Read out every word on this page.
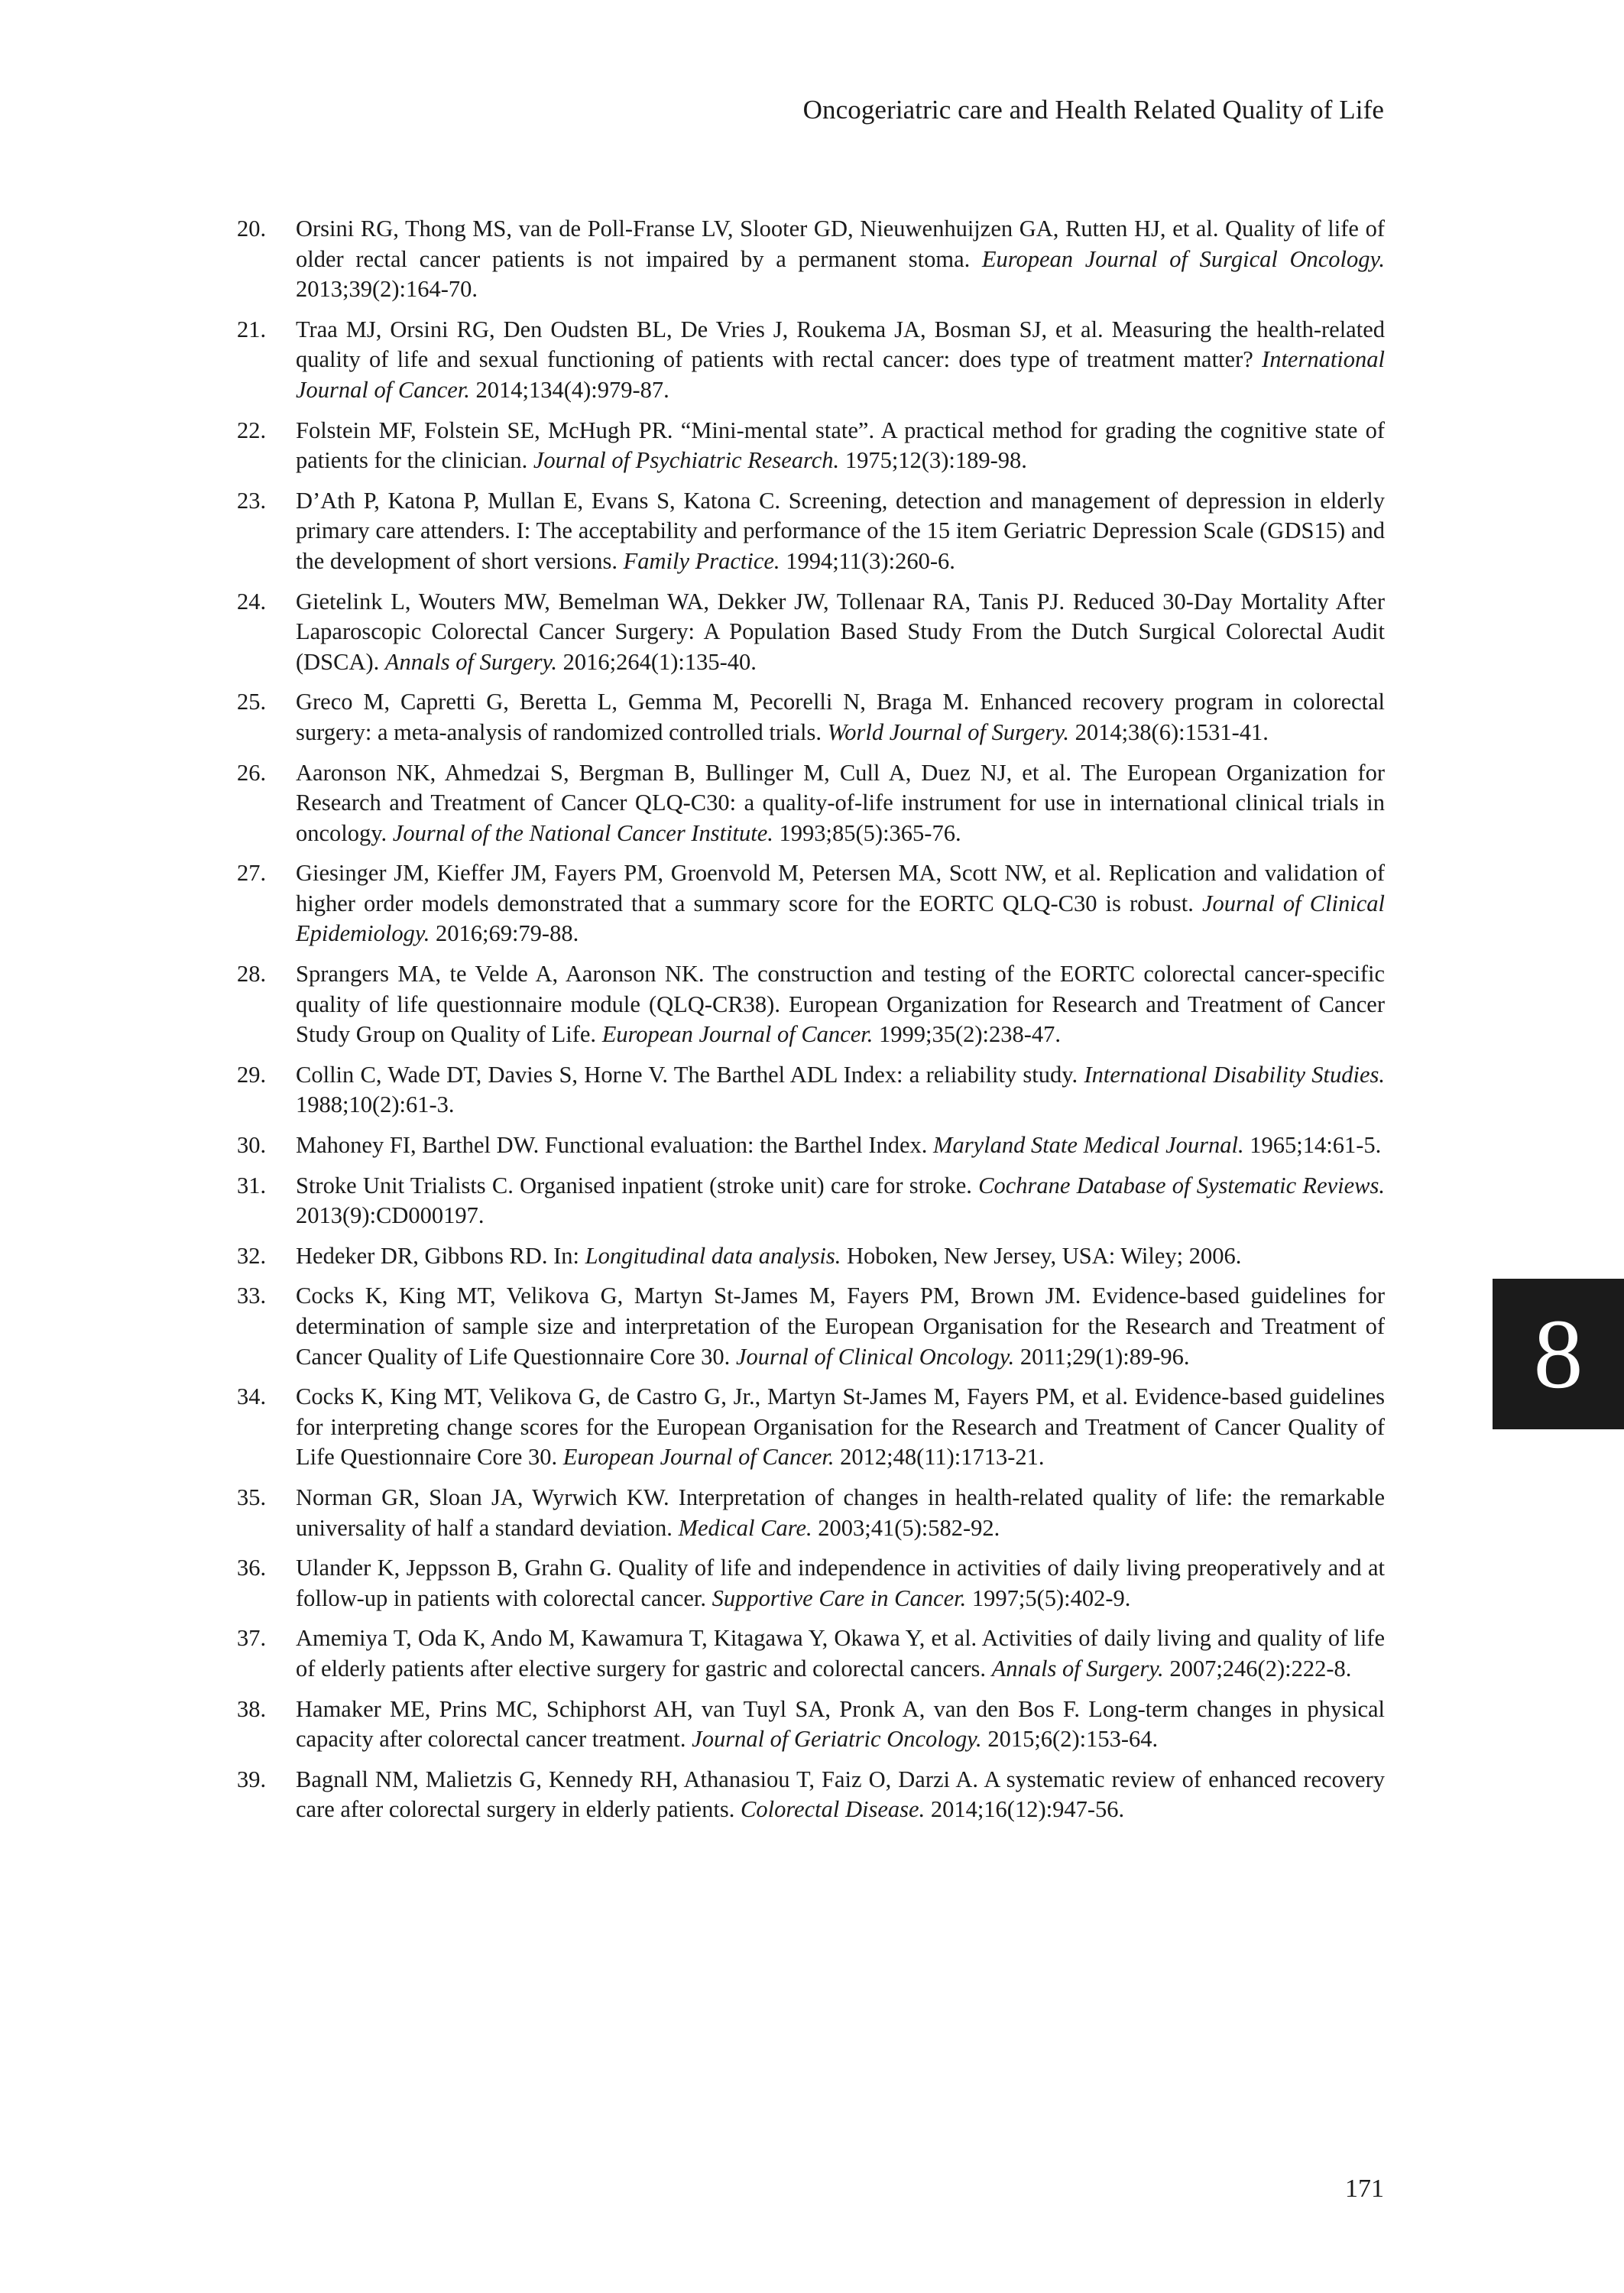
Oncogeriatric care and Health Related Quality of Life
20.	Orsini RG, Thong MS, van de Poll-Franse LV, Slooter GD, Nieuwenhuijzen GA, Rutten HJ, et al. Quality of life of older rectal cancer patients is not impaired by a permanent stoma. European Journal of Surgical Oncology. 2013;39(2):164-70.
21.	Traa MJ, Orsini RG, Den Oudsten BL, De Vries J, Roukema JA, Bosman SJ, et al. Measuring the health-related quality of life and sexual functioning of patients with rectal cancer: does type of treatment matter? International Journal of Cancer. 2014;134(4):979-87.
22.	Folstein MF, Folstein SE, McHugh PR. “Mini-mental state”. A practical method for grading the cognitive state of patients for the clinician. Journal of Psychiatric Research. 1975;12(3):189-98.
23.	D’Ath P, Katona P, Mullan E, Evans S, Katona C. Screening, detection and management of depression in elderly primary care attenders. I: The acceptability and performance of the 15 item Geriatric Depression Scale (GDS15) and the development of short versions. Family Practice. 1994;11(3):260-6.
24.	Gietelink L, Wouters MW, Bemelman WA, Dekker JW, Tollenaar RA, Tanis PJ. Reduced 30-Day Mortality After Laparoscopic Colorectal Cancer Surgery: A Population Based Study From the Dutch Surgical Colorectal Audit (DSCA). Annals of Surgery. 2016;264(1):135-40.
25.	Greco M, Capretti G, Beretta L, Gemma M, Pecorelli N, Braga M. Enhanced recovery program in colorectal surgery: a meta-analysis of randomized controlled trials. World Journal of Surgery. 2014;38(6):1531-41.
26.	Aaronson NK, Ahmedzai S, Bergman B, Bullinger M, Cull A, Duez NJ, et al. The European Organization for Research and Treatment of Cancer QLQ-C30: a quality-of-life instrument for use in international clinical trials in oncology. Journal of the National Cancer Institute. 1993;85(5):365-76.
27.	Giesinger JM, Kieffer JM, Fayers PM, Groenvold M, Petersen MA, Scott NW, et al. Replication and validation of higher order models demonstrated that a summary score for the EORTC QLQ-C30 is robust. Journal of Clinical Epidemiology. 2016;69:79-88.
28.	Sprangers MA, te Velde A, Aaronson NK. The construction and testing of the EORTC colorectal cancer-specific quality of life questionnaire module (QLQ-CR38). European Organization for Research and Treatment of Cancer Study Group on Quality of Life. European Journal of Cancer. 1999;35(2):238-47.
29.	Collin C, Wade DT, Davies S, Horne V. The Barthel ADL Index: a reliability study. International Disability Studies. 1988;10(2):61-3.
30.	Mahoney FI, Barthel DW. Functional evaluation: the Barthel Index. Maryland State Medical Journal. 1965;14:61-5.
31.	Stroke Unit Trialists C. Organised inpatient (stroke unit) care for stroke. Cochrane Database of Systematic Reviews. 2013(9):CD000197.
32.	Hedeker DR, Gibbons RD. In: Longitudinal data analysis. Hoboken, New Jersey, USA: Wiley; 2006.
33.	Cocks K, King MT, Velikova G, Martyn St-James M, Fayers PM, Brown JM. Evidence-based guidelines for determination of sample size and interpretation of the European Organisation for the Research and Treatment of Cancer Quality of Life Questionnaire Core 30. Journal of Clinical Oncology. 2011;29(1):89-96.
34.	Cocks K, King MT, Velikova G, de Castro G, Jr., Martyn St-James M, Fayers PM, et al. Evidence-based guidelines for interpreting change scores for the European Organisation for the Research and Treatment of Cancer Quality of Life Questionnaire Core 30. European Journal of Cancer. 2012;48(11):1713-21.
35.	Norman GR, Sloan JA, Wyrwich KW. Interpretation of changes in health-related quality of life: the remarkable universality of half a standard deviation. Medical Care. 2003;41(5):582-92.
36.	Ulander K, Jeppsson B, Grahn G. Quality of life and independence in activities of daily living preoperatively and at follow-up in patients with colorectal cancer. Supportive Care in Cancer. 1997;5(5):402-9.
37.	Amemiya T, Oda K, Ando M, Kawamura T, Kitagawa Y, Okawa Y, et al. Activities of daily living and quality of life of elderly patients after elective surgery for gastric and colorectal cancers. Annals of Surgery. 2007;246(2):222-8.
38.	Hamaker ME, Prins MC, Schiphorst AH, van Tuyl SA, Pronk A, van den Bos F. Long-term changes in physical capacity after colorectal cancer treatment. Journal of Geriatric Oncology. 2015;6(2):153-64.
39.	Bagnall NM, Malietzis G, Kennedy RH, Athanasiou T, Faiz O, Darzi A. A systematic review of enhanced recovery care after colorectal surgery in elderly patients. Colorectal Disease. 2014;16(12):947-56.
8
171
